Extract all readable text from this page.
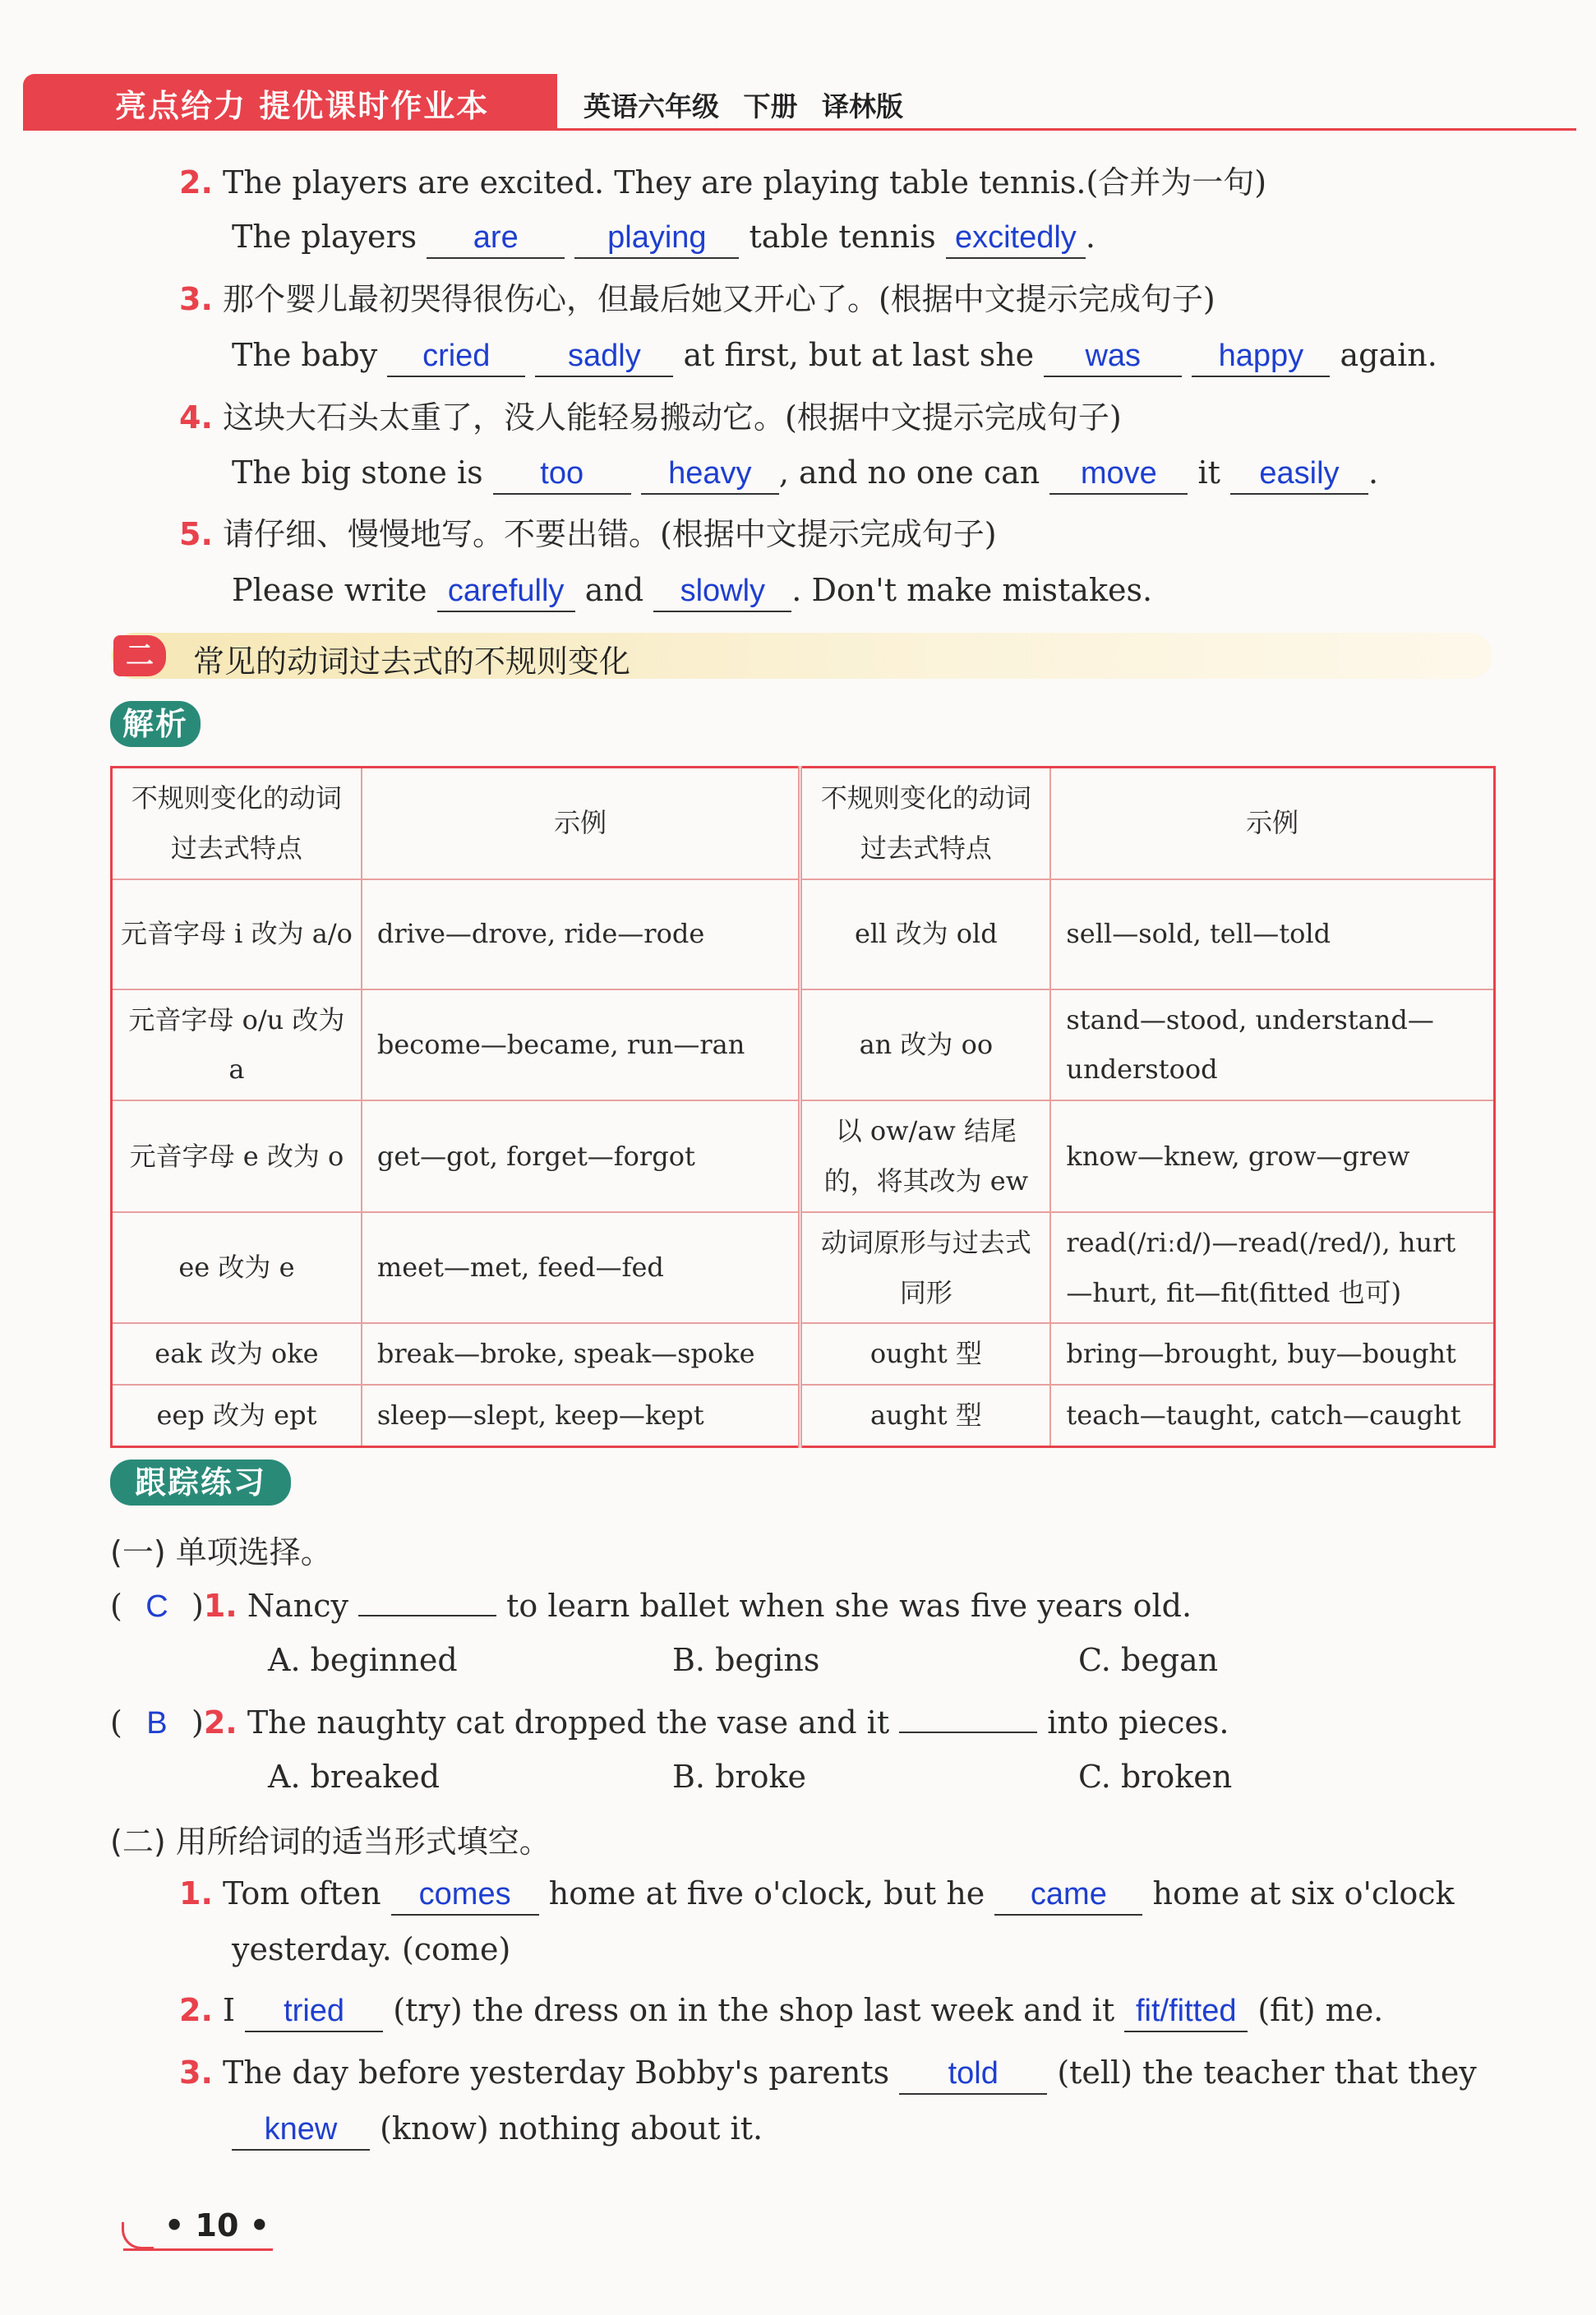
亮点给力 提优课时作业本	英语六年级 下册 译林版
2. The players are excited. They are playing table tennis.(合并为一句)
The players are	playing table tennis excitedly .
3. 那个婴儿最初哭得很伤心，但最后她又开心了。(根据中文提示完成句子)
The baby cried sadly at first, but at last she was happy again.
4. 这块大石头太重了，没人能轻易搬动它。(根据中文提示完成句子)
The big stone is too	heavy , and no one can move it easily .
5. 请仔细、慢慢地写。不要出错。(根据中文提示完成句子)
Please write carefully and slowly . Don't make mistakes.
二	常见的动词过去式的不规则变化
解析
不规则变化的动词过去式特点	示例	不规则变化的动词过去式特点	示例
元音字母 i 改为 a/o	drive—drove, ride—rode	ell 改为 old	sell—sold, tell—told
元音字母 o/u 改为 a	become—became, run—ran	an 改为 oo	stand—stood, understand—understood
元音字母 e 改为 o	get—got, forget—forgot	以 ow/aw 结尾的，将其改为 ew	know—knew, grow—grew
ee 改为 e	meet—met, feed—fed	动词原形与过去式同形	read(/riːd/)—read(/red/), hurt—hurt, fit—fit(fitted 也可)
eak 改为 oke	break—broke, speak—spoke	ought 型	bring—brought, buy—bought
eep 改为 ept	sleep—slept, keep—kept	aught 型	teach—taught, catch—caught
跟踪练习
(一) 单项选择。
( C )1. Nancy	to learn ballet when she was five years old.
A. beginned	B. begins	C. began
( B )2. The naughty cat dropped the vase and it	into pieces.
A. breaked	B. broke	C. broken
(二) 用所给词的适当形式填空。
1. Tom often comes home at five o'clock, but he came home at six o'clock
yesterday. (come)
2. I tried (try) the dress on in the shop last week and it fit/fitted (fit) me.
3. The day before yesterday Bobby's parents told (tell) the teacher that they
knew (know) nothing about it.
• 10 •
